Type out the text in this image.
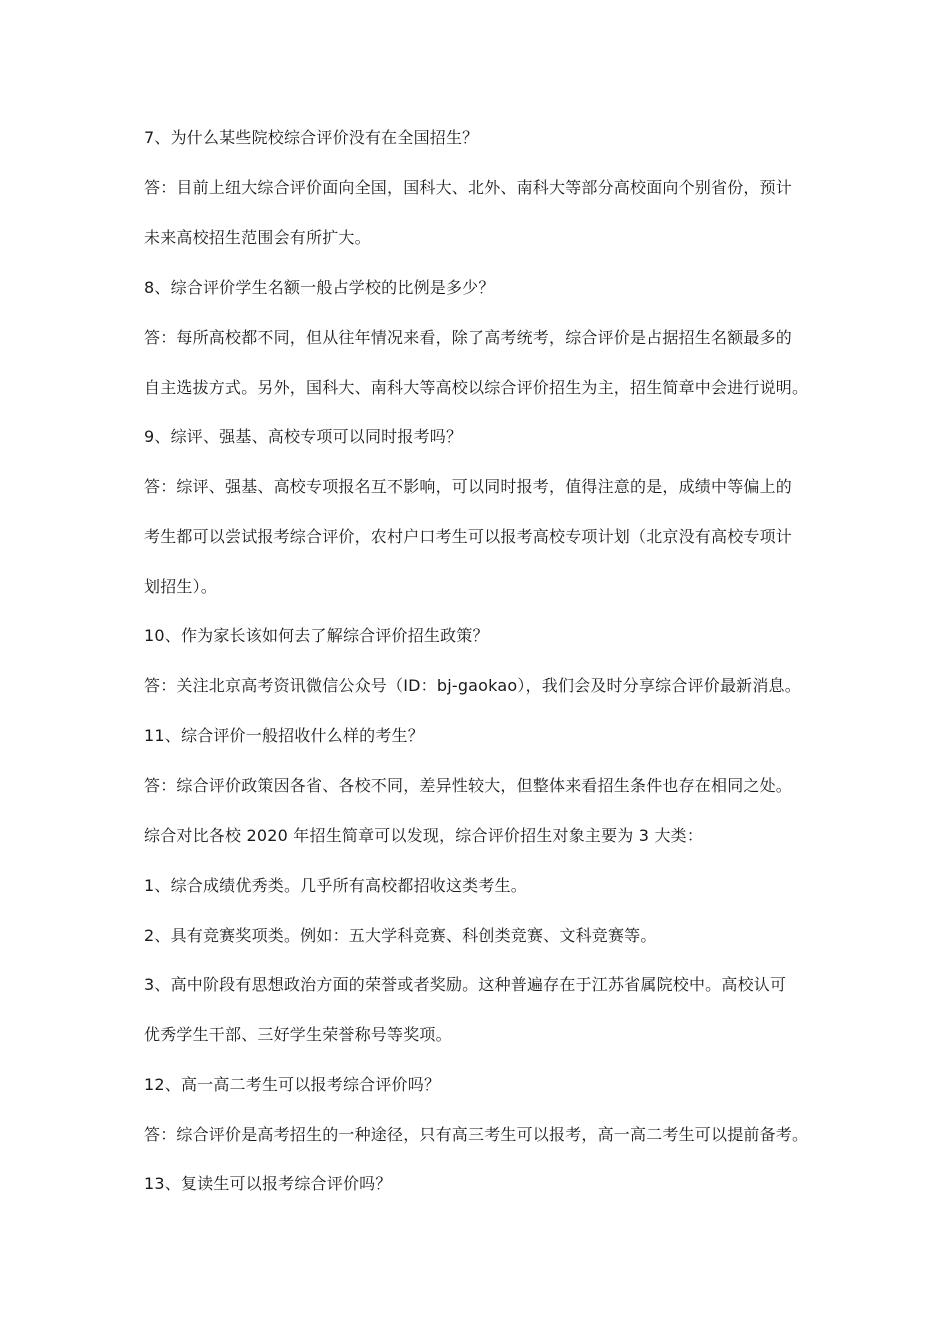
7、为什么某些院校综合评价没有在全国招生？
答：目前上纽大综合评价面向全国，国科大、北外、南科大等部分高校面向个别省份，预计
未来高校招生范围会有所扩大。
8、综合评价学生名额一般占学校的比例是多少？
答：每所高校都不同，但从往年情况来看，除了高考统考，综合评价是占据招生名额最多的
自主选拔方式。另外，国科大、南科大等高校以综合评价招生为主，招生简章中会进行说明。
9、综评、强基、高校专项可以同时报考吗？
答：综评、强基、高校专项报名互不影响，可以同时报考，值得注意的是，成绩中等偏上的
考生都可以尝试报考综合评价，农村户口考生可以报考高校专项计划（北京没有高校专项计
划招生）。
10、作为家长该如何去了解综合评价招生政策？
答：关注北京高考资讯微信公众号（ID：bj-gaokao），我们会及时分享综合评价最新消息。
11、综合评价一般招收什么样的考生？
答：综合评价政策因各省、各校不同，差异性较大，但整体来看招生条件也存在相同之处。
综合对比各校 2020 年招生简章可以发现，综合评价招生对象主要为 3 大类：
1、综合成绩优秀类。几乎所有高校都招收这类考生。
2、具有竞赛奖项类。例如：五大学科竞赛、科创类竞赛、文科竞赛等。
3、高中阶段有思想政治方面的荣誉或者奖励。这种普遍存在于江苏省属院校中。高校认可
优秀学生干部、三好学生荣誉称号等奖项。
12、高一高二考生可以报考综合评价吗？
答：综合评价是高考招生的一种途径，只有高三考生可以报考，高一高二考生可以提前备考。
13、复读生可以报考综合评价吗？
